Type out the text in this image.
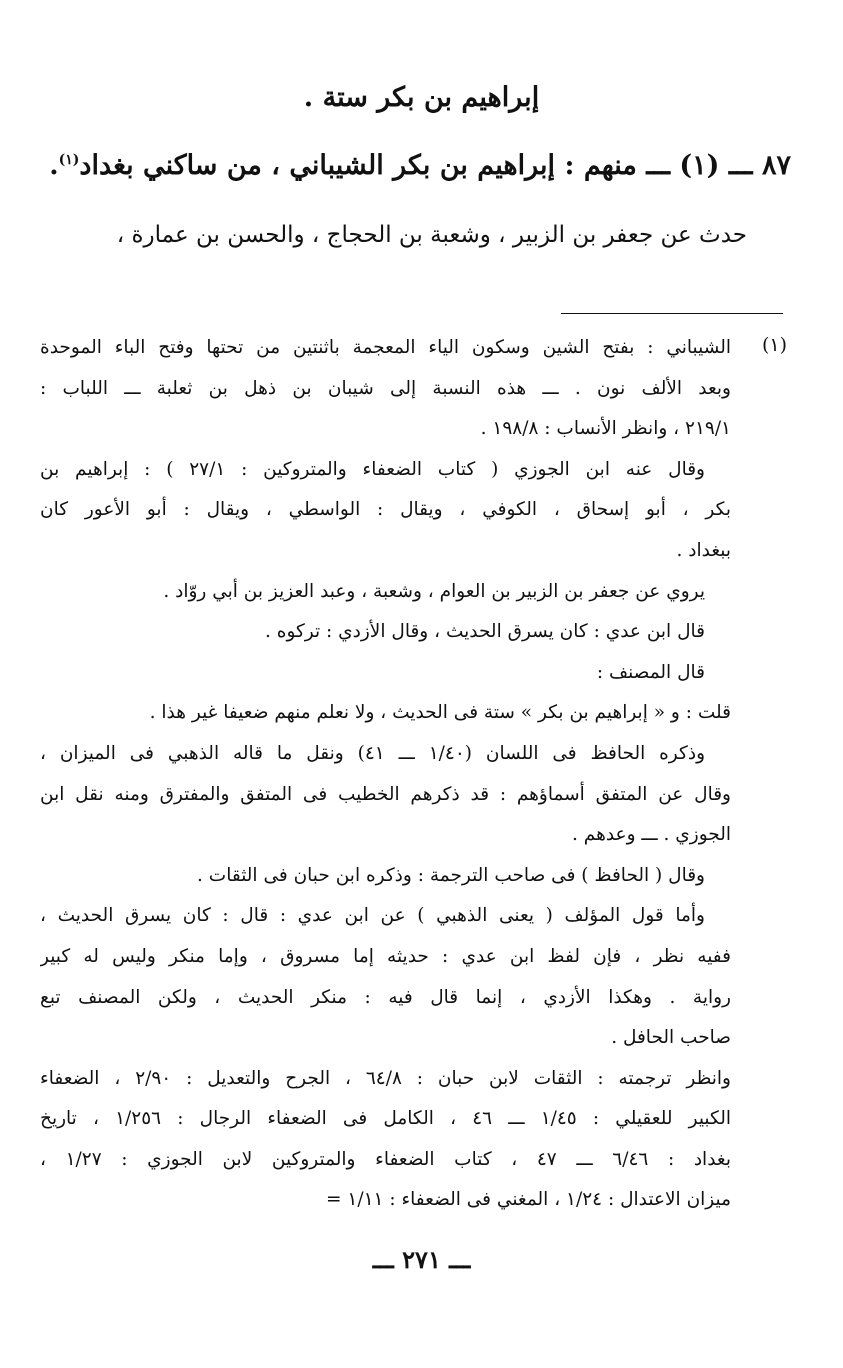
إبراهيم بن بكر ستة .
٨٧ ـــ (١) ـــ منهم : إبراهيم بن بكر الشيباني ، من ساكني بغداد$^{(١)}$.
حدث عن جعفر بن الزبير ، وشعبة بن الحجاج ، والحسن بن عمارة ،
(١)
الشيباني : بفتح الشين وسكون الياء المعجمة باثنتين من تحتها وفتح الباء الموحدة
وبعد الألف نون . ـــ هذه النسبة إلى شيبان بن ذهل بن ثعلبة ـــ اللباب :
٢١٩/١ ، وانظر الأنساب : ١٩٨/٨ .
وقال عنه ابن الجوزي ( كتاب الضعفاء والمتروكين : ٢٧/١ ) : إبراهيم بن
بكر ، أبو إسحاق ، الكوفي ، ويقال : الواسطي ، ويقال : أبو الأعور كان
ببغداد .
يروي عن جعفر بن الزبير بن العوام ، وشعبة ، وعبد العزيز بن أبي روّاد .
قال ابن عدي : كان يسرق الحديث ، وقال الأزدي : تركوه .
قال المصنف :
قلت : و « إبراهيم بن بكر » ستة فى الحديث ، ولا نعلم منهم ضعيفا غير هذا .
وذكره الحافظ فى اللسان (١/٤٠ ـــ ٤١) ونقل ما قاله الذهبي فى الميزان ،
وقال عن المتفق أسماؤهم : قد ذكرهم الخطيب فى المتفق والمفترق ومنه نقل ابن
الجوزي . ـــ وعدهم .
وقال ( الحافظ ) فى صاحب الترجمة : وذكره ابن حبان فى الثقات .
وأما قول المؤلف ( يعنى الذهبي ) عن ابن عدي : قال : كان يسرق الحديث ،
ففيه نظر ، فإن لفظ ابن عدي : حديثه إما مسروق ، وإما منكر وليس له كبير
رواية . وهكذا الأزدي ، إنما قال فيه : منكر الحديث ، ولكن المصنف تبع
صاحب الحافل .
وانظر ترجمته : الثقات لابن حبان : ٦٤/٨ ، الجرح والتعديل : ٢/٩٠ ، الضعفاء
الكبير للعقيلي : ١/٤٥ ـــ ٤٦ ، الكامل فى الضعفاء الرجال : ١/٢٥٦ ، تاريخ
بغداد : ٦/٤٦ ـــ ٤٧ ، كتاب الضعفاء والمتروكين لابن الجوزي : ١/٢٧ ،
ميزان الاعتدال : ١/٢٤ ، المغني فى الضعفاء : ١/١١ =
ـــ ٢٧١ ـــ
